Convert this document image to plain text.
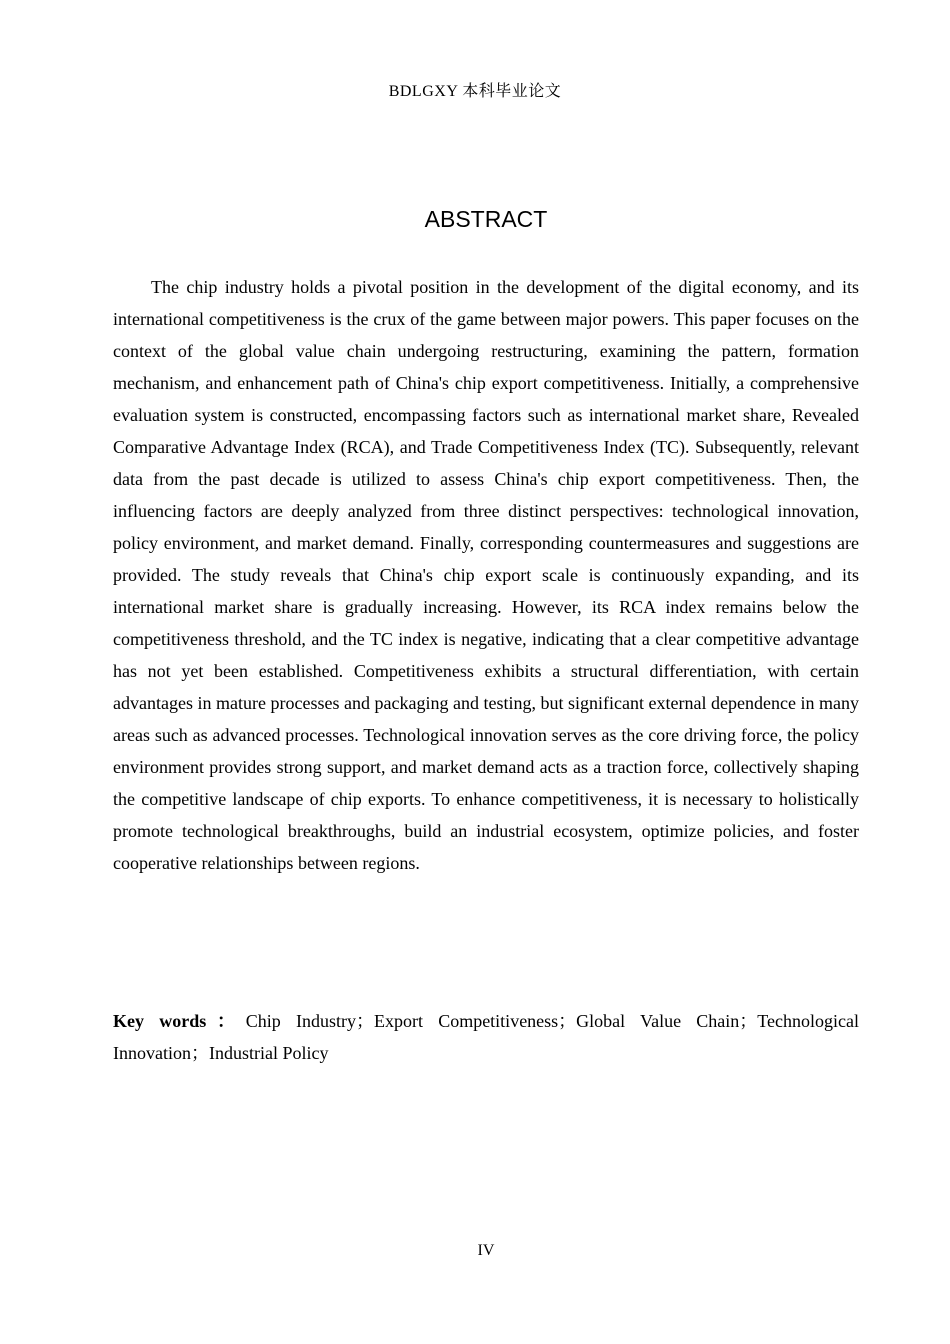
BDLGXY 本科毕业论文
ABSTRACT

The chip industry holds a pivotal position in the development of the digital economy, and its international competitiveness is the crux of the game between major powers. This paper focuses on the context of the global value chain undergoing restructuring, examining the pattern, formation mechanism, and enhancement path of China's chip export competitiveness. Initially, a comprehensive evaluation system is constructed, encompassing factors such as international market share, Revealed Comparative Advantage Index (RCA), and Trade Competitiveness Index (TC). Subsequently, relevant data from the past decade is utilized to assess China's chip export competitiveness. Then, the influencing factors are deeply analyzed from three distinct perspectives: technological innovation, policy environment, and market demand. Finally, corresponding countermeasures and suggestions are provided. The study reveals that China's chip export scale is continuously expanding, and its international market share is gradually increasing. However, its RCA index remains below the competitiveness threshold, and the TC index is negative, indicating that a clear competitive advantage has not yet been established. Competitiveness exhibits a structural differentiation, with certain advantages in mature processes and packaging and testing, but significant external dependence in many areas such as advanced processes. Technological innovation serves as the core driving force, the policy environment provides strong support, and market demand acts as a traction force, collectively shaping the competitive landscape of chip exports. To enhance competitiveness, it is necessary to holistically promote technological breakthroughs, build an industrial ecosystem, optimize policies, and foster cooperative relationships between regions.

Key words：Chip Industry；Export Competitiveness；Global Value Chain；Technological Innovation；Industrial Policy

IV
